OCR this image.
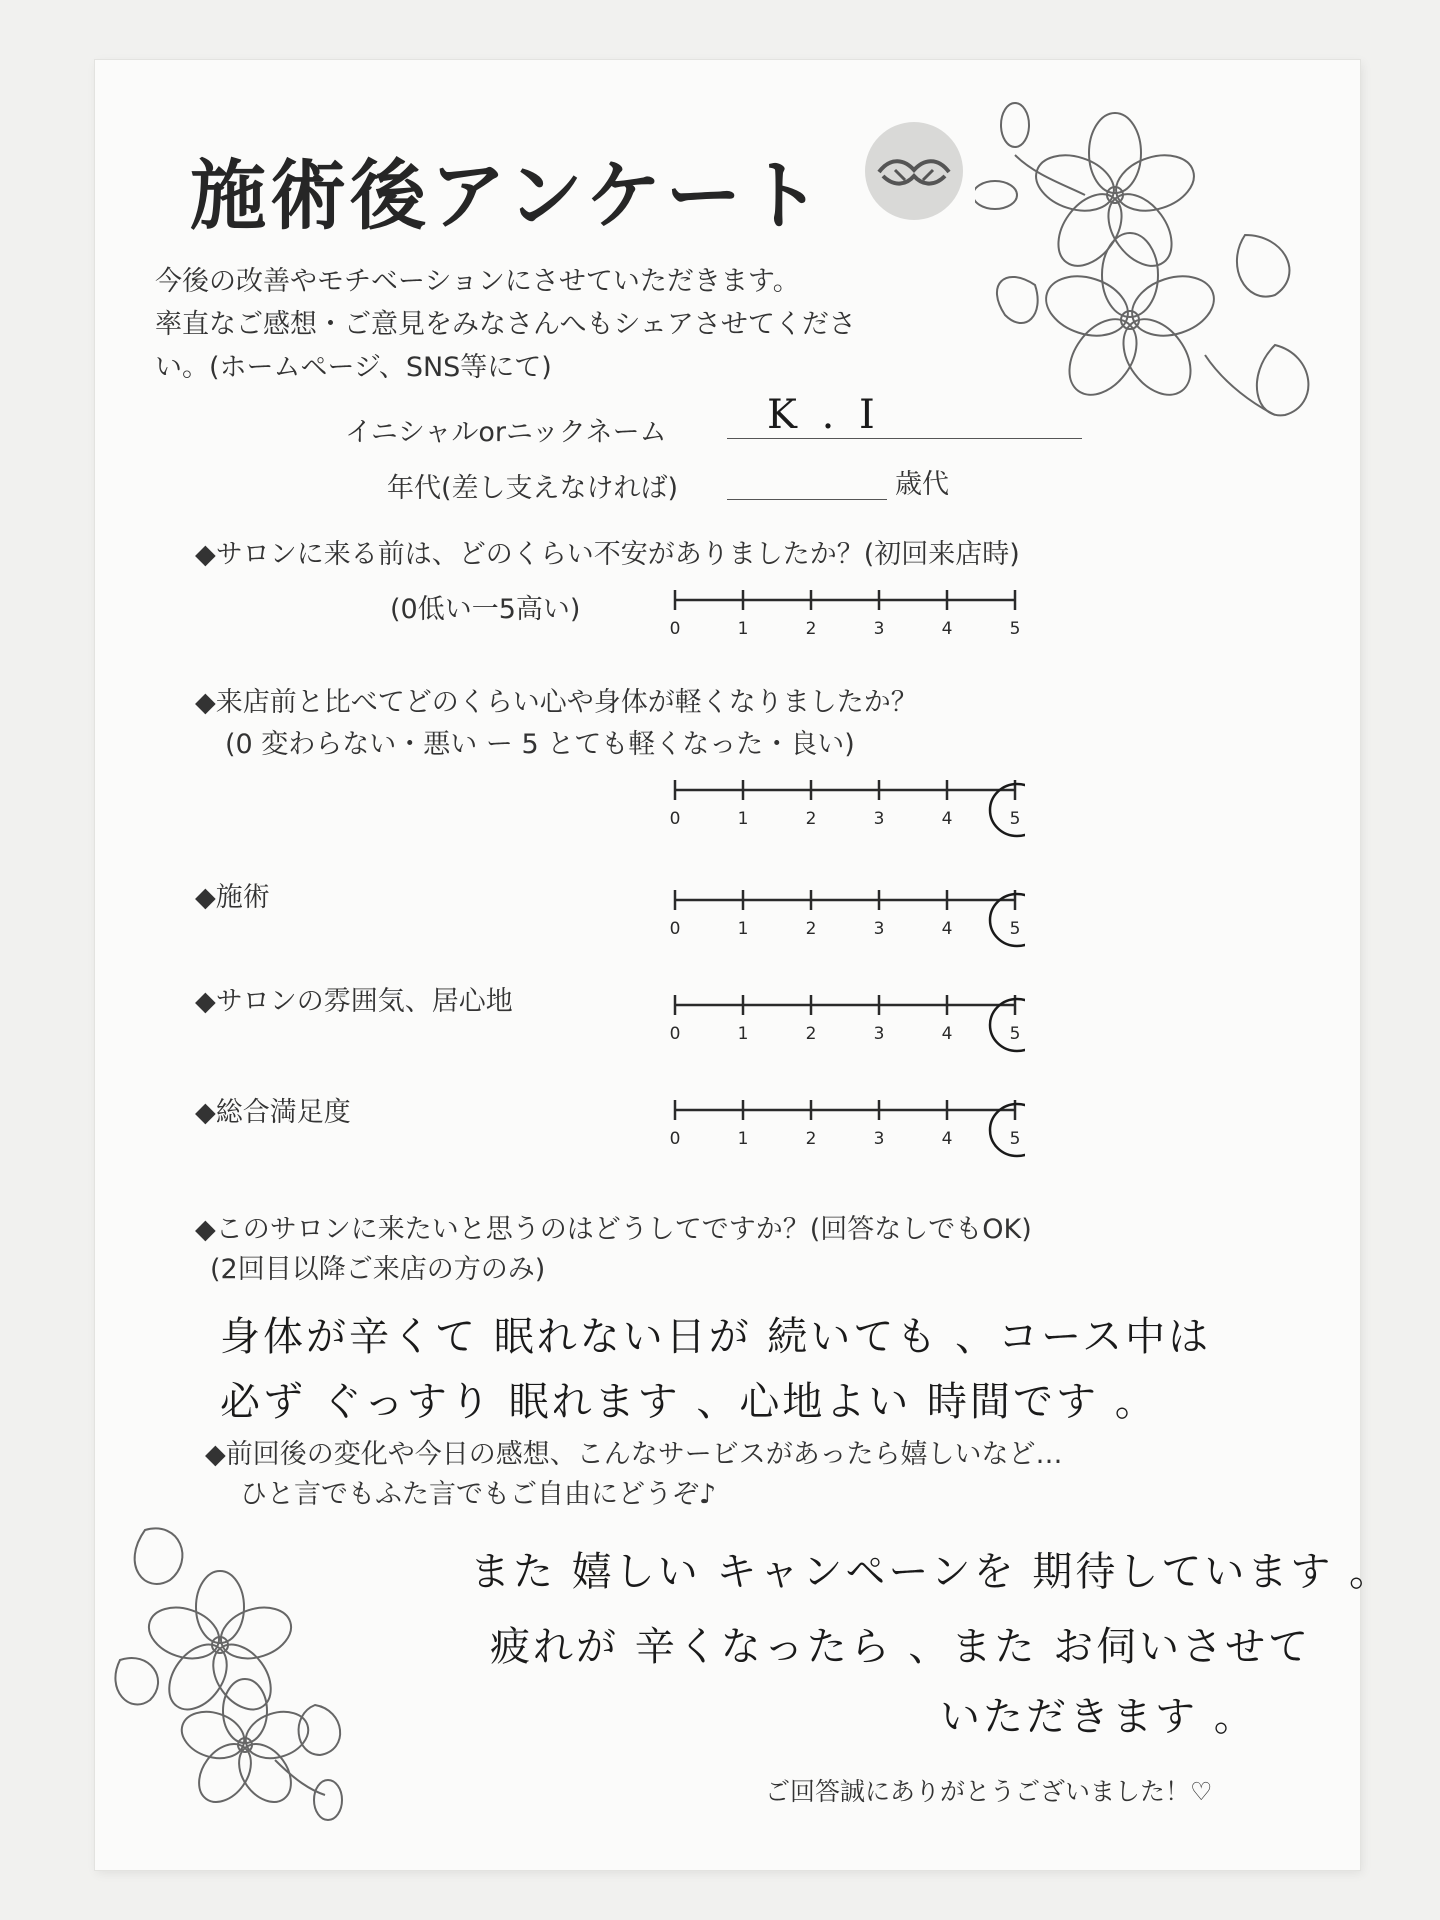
施術後アンケート
今後の改善やモチベーションにさせていただきます。
率直なご感想・ご意見をみなさんへもシェアさせてくださ
い。(ホームページ、SNS等にて)
イニシャルorニックネーム	K . I
年代(差し支えなければ)	歳代
◆サロンに来る前は、どのくらい不安がありましたか？(初回来店時)
(0低い一5高い)
0	1	2	3	4	5
◆来店前と比べてどのくらい心や身体が軽くなりましたか？
(0 変わらない・悪い ー 5 とても軽くなった・良い)
0	1	2	3	4	5
◆施術
0	1	2	3	4	5
◆サロンの雰囲気、居心地
0	1	2	3	4	5
◆総合満足度
0	1	2	3	4	5
◆このサロンに来たいと思うのはどうしてですか？(回答なしでもOK)
(2回目以降ご来店の方のみ)
身体が辛くて 眠れない日が 続いても 、コース中は
必ず ぐっすり 眠れます 、心地よい 時間です 。
◆前回後の変化や今日の感想、こんなサービスがあったら嬉しいなど…
ひと言でもふた言でもご自由にどうぞ♪
また 嬉しい キャンペーンを 期待しています 。
疲れが 辛くなったら 、また お伺いさせて
いただきます 。
ご回答誠にありがとうございました！♡
